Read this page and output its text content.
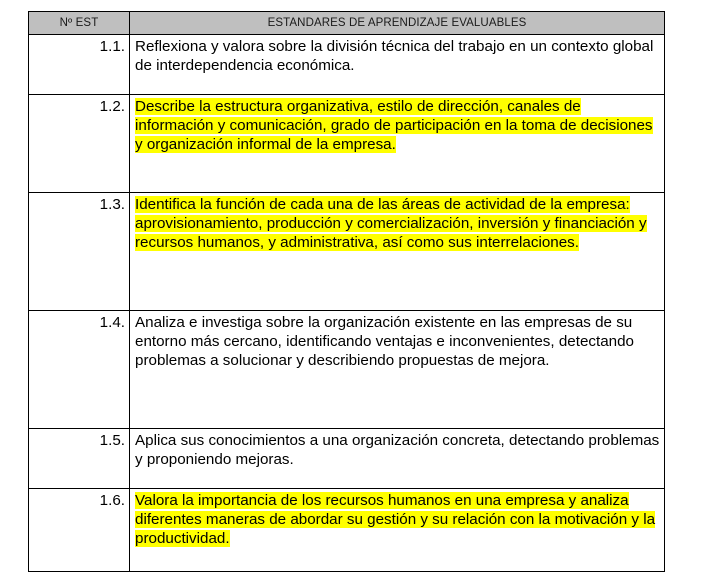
Nº EST	ESTANDARES DE APRENDIZAJE EVALUABLES
1.1.	Reflexiona y valora sobre la división técnica del trabajo en un contexto global de interdependencia económica.
1.2.	Describe la estructura organizativa, estilo de dirección, canales de información y comunicación, grado de participación en la toma de decisiones y organización informal de la empresa.
1.3.	Identifica la función de cada una de las áreas de actividad de la empresa: aprovisionamiento, producción y comercialización, inversión y financiación y recursos humanos, y administrativa, así como sus interrelaciones.
1.4.	Analiza e investiga sobre la organización existente en las empresas de su entorno más cercano, identificando ventajas e inconvenientes, detectando problemas a solucionar y describiendo propuestas de mejora.
1.5.	Aplica sus conocimientos a una organización concreta, detectando problemas y proponiendo mejoras.
1.6.	Valora la importancia de los recursos humanos en una empresa y analiza diferentes maneras de abordar su gestión y su relación con la motivación y la productividad.
